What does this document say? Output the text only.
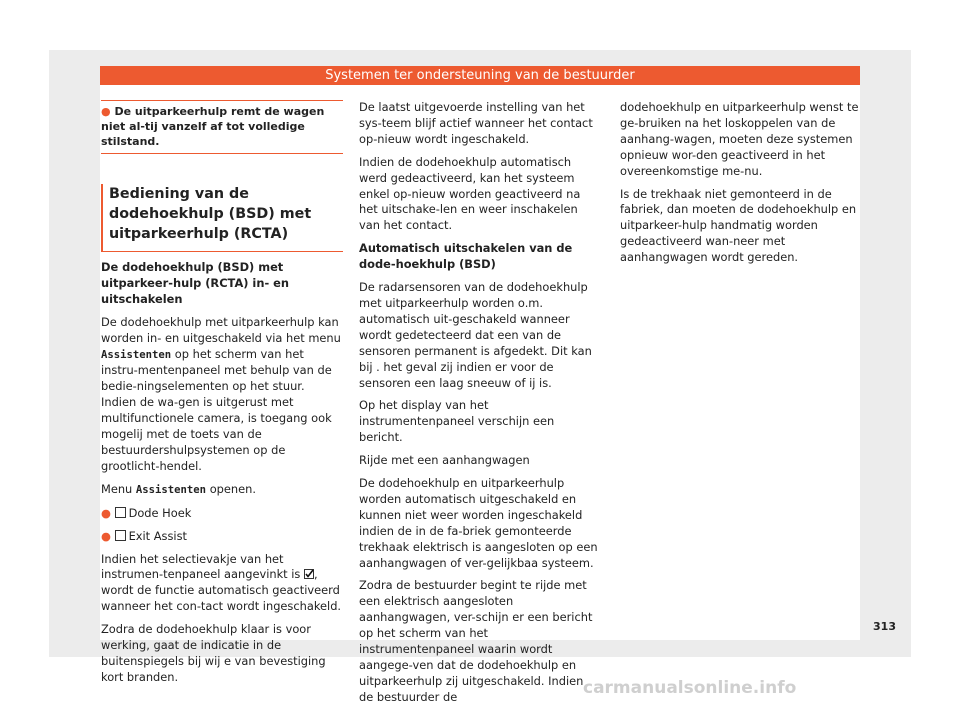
Systemen ter ondersteuning van de bestuurder
● De uitparkeerhulp remt de wagen niet al-tij vanzelf af tot volledige stilstand.
Bediening van de dodehoekhulp (BSD) met uitparkeerhulp (RCTA)

De dodehoekhulp (BSD) met uitparkeer-hulp (RCTA) in- en uitschakelen

De dodehoekhulp met uitparkeerhulp kan worden in- en uitgeschakeld via het menu Assistenten op het scherm van het instru-mentenpaneel met behulp van de bedie-ningselementen op het stuur. Indien de wa-gen is uitgerust met multifunctionele camera, is toegang ook mogelij met de toets van de bestuurdershulpsystemen op de grootlicht-hendel.

Menu Assistenten openen.

● Dode Hoek

● Exit Assist

Indien het selectievakje van het instrumen-tenpaneel aangevinkt is , wordt de functie automatisch geactiveerd wanneer het con-tact wordt ingeschakeld.

Zodra de dodehoekhulp klaar is voor werking, gaat de indicatie in de buitenspiegels bij wij e van bevestiging kort branden.

De laatst uitgevoerde instelling van het sys-teem blijf actief wanneer het contact op-nieuw wordt ingeschakeld.

Indien de dodehoekhulp automatisch werd gedeactiveerd, kan het systeem enkel op-nieuw worden geactiveerd na het uitschake-len en weer inschakelen van het contact.

Automatisch uitschakelen van de dode-hoekhulp (BSD)

De radarsensoren van de dodehoekhulp met uitparkeerhulp worden o.m. automatisch uit-geschakeld wanneer wordt gedetecteerd dat een van de sensoren permanent is afgedekt. Dit kan bij . het geval zij indien er voor de sensoren een laag sneeuw of ij is.

Op het display van het instrumentenpaneel verschijn een bericht.

Rijde met een aanhangwagen

De dodehoekhulp en uitparkeerhulp worden automatisch uitgeschakeld en kunnen niet weer worden ingeschakeld indien de in de fa-briek gemonteerde trekhaak elektrisch is aangesloten op een aanhangwagen of ver-gelijkbaa systeem.

Zodra de bestuurder begint te rijde met een elektrisch aangesloten aanhangwagen, ver-schijn er een bericht op het scherm van het instrumentenpaneel waarin wordt aangege-ven dat de dodehoekhulp en uitparkeerhulp zij uitgeschakeld. Indien de bestuurder de

dodehoekhulp en uitparkeerhulp wenst te ge-bruiken na het loskoppelen van de aanhang-wagen, moeten deze systemen opnieuw wor-den geactiveerd in het overeenkomstige me-nu.

Is de trekhaak niet gemonteerd in de fabriek, dan moeten de dodehoekhulp en uitparkeer-hulp handmatig worden gedeactiveerd wan-neer met aanhangwagen wordt gereden.

313
carmanualsonline.info
